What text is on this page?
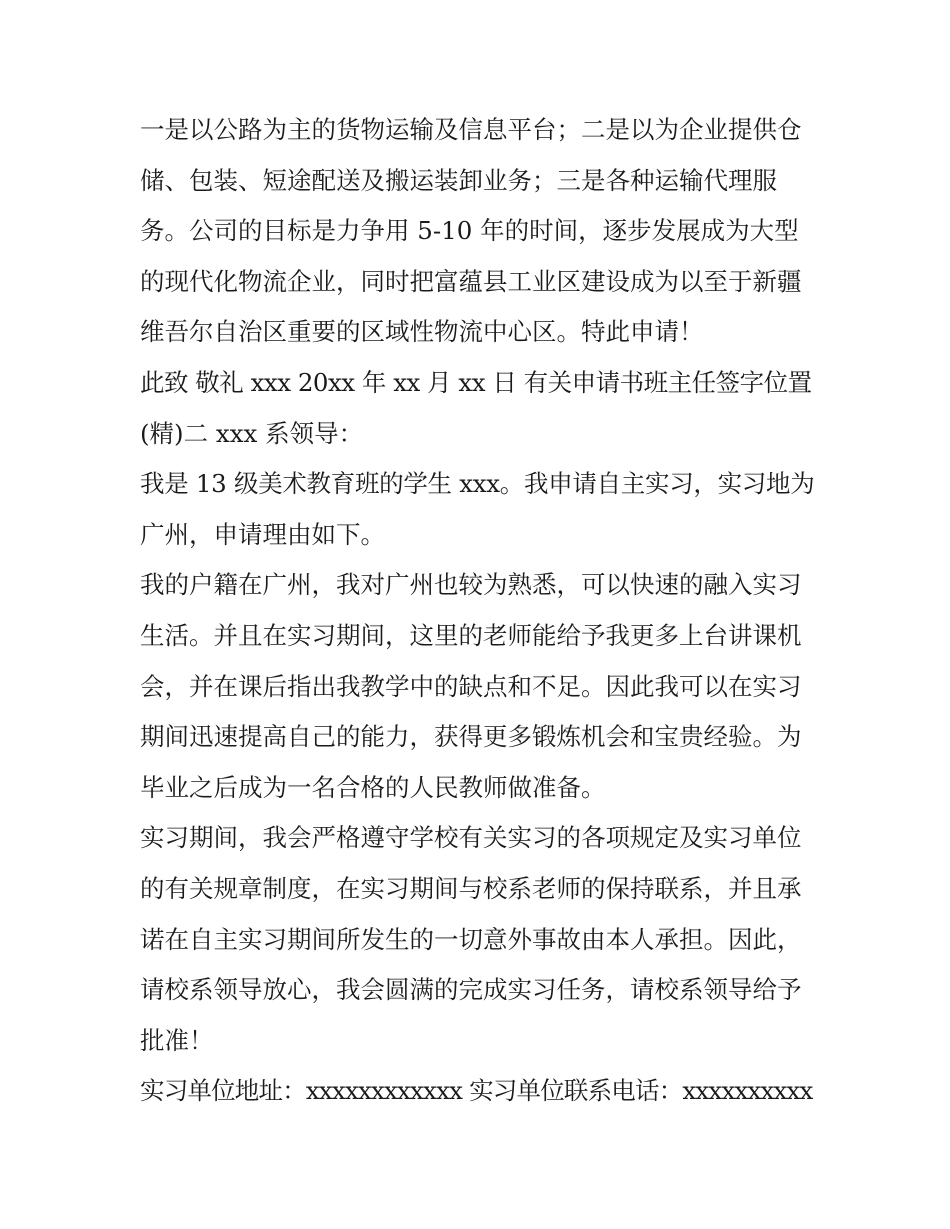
一是以公路为主的货物运输及信息平台；二是以为企业提供仓
储、包装、短途配送及搬运装卸业务；三是各种运输代理服
务。公司的目标是力争用 5-10 年的时间，逐步发展成为大型
的现代化物流企业，同时把富蕴县工业区建设成为以至于新疆
维吾尔自治区重要的区域性物流中心区。特此申请！

此致 敬礼 xxx 20xx 年 xx 月 xx 日 有关申请书班主任签字位置
(精)二 xxx 系领导：

我是 13 级美术教育班的学生 xxx。我申请自主实习，实习地为
广州，申请理由如下。

我的户籍在广州，我对广州也较为熟悉，可以快速的融入实习
生活。并且在实习期间，这里的老师能给予我更多上台讲课机
会，并在课后指出我教学中的缺点和不足。因此我可以在实习
期间迅速提高自己的能力，获得更多锻炼机会和宝贵经验。为
毕业之后成为一名合格的人民教师做准备。

实习期间，我会严格遵守学校有关实习的各项规定及实习单位
的有关规章制度，在实习期间与校系老师的保持联系，并且承
诺在自主实习期间所发生的一切意外事故由本人承担。因此，
请校系领导放心，我会圆满的完成实习任务，请校系领导给予
批准！

实习单位地址：xxxxxxxxxxxx 实习单位联系电话：xxxxxxxxxx
